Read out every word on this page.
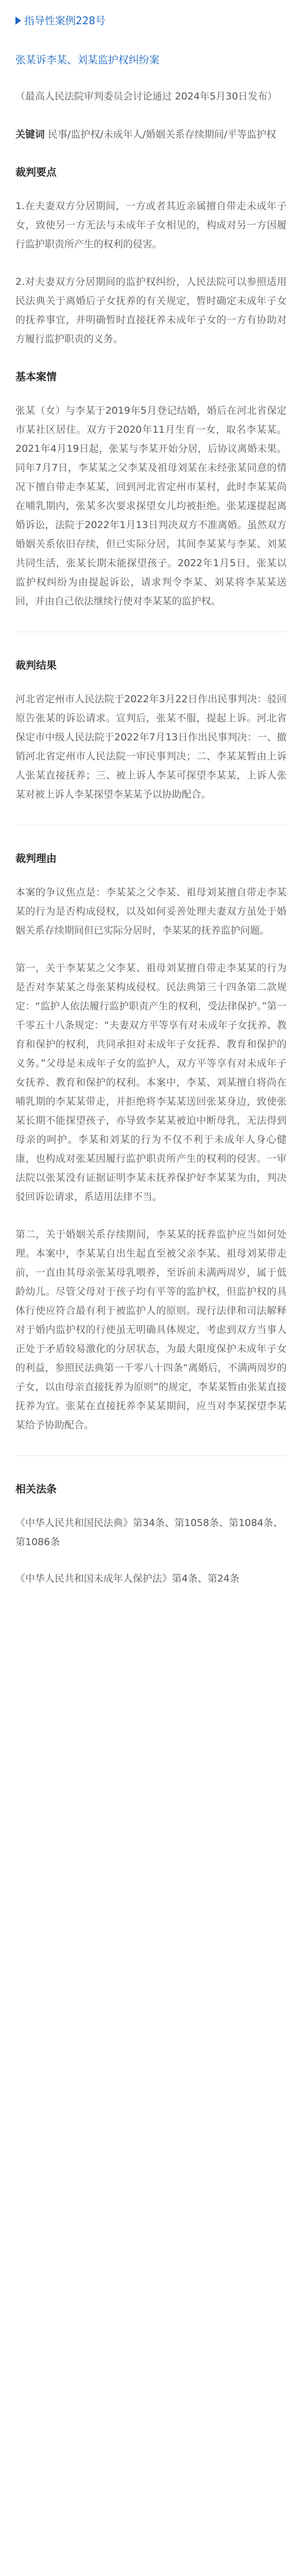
指导性案例228号
张某诉李某、刘某监护权纠纷案
（最高人民法院审判委员会讨论通过 2024年5月30日发布）
关键词 民事/监护权/未成年人/婚姻关系存续期间/平等监护权
裁判要点
1.在夫妻双方分居期间，一方或者其近亲属擅自带走未成年子女，致使另一方无法与未成年子女相见的，构成对另一方因履行监护职责所产生的权利的侵害。
2.对夫妻双方分居期间的监护权纠纷，人民法院可以参照适用民法典关于离婚后子女抚养的有关规定，暂时确定未成年子女的抚养事宜，并明确暂时直接抚养未成年子女的一方有协助对方履行监护职责的义务。
基本案情
张某（女）与李某于2019年5月登记结婚，婚后在河北省保定市某社区居住。双方于2020年11月生育一女，取名李某某。2021年4月19日起，张某与李某开始分居，后协议离婚未果。同年7月7日，李某某之父李某及祖母刘某在未经张某同意的情况下擅自带走李某某，回到河北省定州市某村，此时李某某尚在哺乳期内，张某多次要求探望女儿均被拒绝。张某遂提起离婚诉讼，法院于2022年1月13日判决双方不准离婚。虽然双方婚姻关系依旧存续，但已实际分居，其间李某某与李某、刘某共同生活，张某长期未能探望孩子。2022年1月5日，张某以监护权纠纷为由提起诉讼，请求判令李某、刘某将李某某送回，并由自己依法继续行使对李某某的监护权。
裁判结果
河北省定州市人民法院于2022年3月22日作出民事判决：驳回原告张某的诉讼请求。宣判后，张某不服，提起上诉。河北省保定市中级人民法院于2022年7月13日作出民事判决：一、撤销河北省定州市人民法院一审民事判决；二、李某某暂由上诉人张某直接抚养；三、被上诉人李某可探望李某某，上诉人张某对被上诉人李某探望李某某予以协助配合。
裁判理由
本案的争议焦点是：李某某之父李某、祖母刘某擅自带走李某某的行为是否构成侵权，以及如何妥善处理夫妻双方虽处于婚姻关系存续期间但已实际分居时，李某某的抚养监护问题。
第一，关于李某某之父李某、祖母刘某擅自带走李某某的行为是否对李某某之母张某构成侵权。民法典第三十四条第二款规定：“监护人依法履行监护职责产生的权利，受法律保护。”第一千零五十八条规定：“夫妻双方平等享有对未成年子女抚养、教育和保护的权利，共同承担对未成年子女抚养、教育和保护的义务。”父母是未成年子女的监护人，双方平等享有对未成年子女抚养、教育和保护的权利。本案中，李某、刘某擅自将尚在哺乳期的李某某带走，并拒绝将李某某送回张某身边，致使张某长期不能探望孩子，亦导致李某某被迫中断母乳，无法得到母亲的呵护。李某和刘某的行为不仅不利于未成年人身心健康，也构成对张某因履行监护职责所产生的权利的侵害。一审法院以张某没有证据证明李某未抚养保护好李某某为由，判决驳回诉讼请求，系适用法律不当。
第二，关于婚姻关系存续期间，李某某的抚养监护应当如何处理。本案中，李某某自出生起直至被父亲李某、祖母刘某带走前，一直由其母亲张某母乳喂养，至诉前未满两周岁，属于低龄幼儿。尽管父母对于孩子均有平等的监护权，但监护权的具体行使应符合最有利于被监护人的原则。现行法律和司法解释对于婚内监护权的行使虽无明确具体规定，考虑到双方当事人正处于矛盾较易激化的分居状态，为最大限度保护未成年子女的利益，参照民法典第一千零八十四条“离婚后，不满两周岁的子女，以由母亲直接抚养为原则”的规定，李某某暂由张某直接抚养为宜。张某在直接抚养李某某期间，应当对李某探望李某某给予协助配合。
相关法条
《中华人民共和国民法典》第34条、第1058条、第1084条、第1086条
《中华人民共和国未成年人保护法》第4条、第24条
